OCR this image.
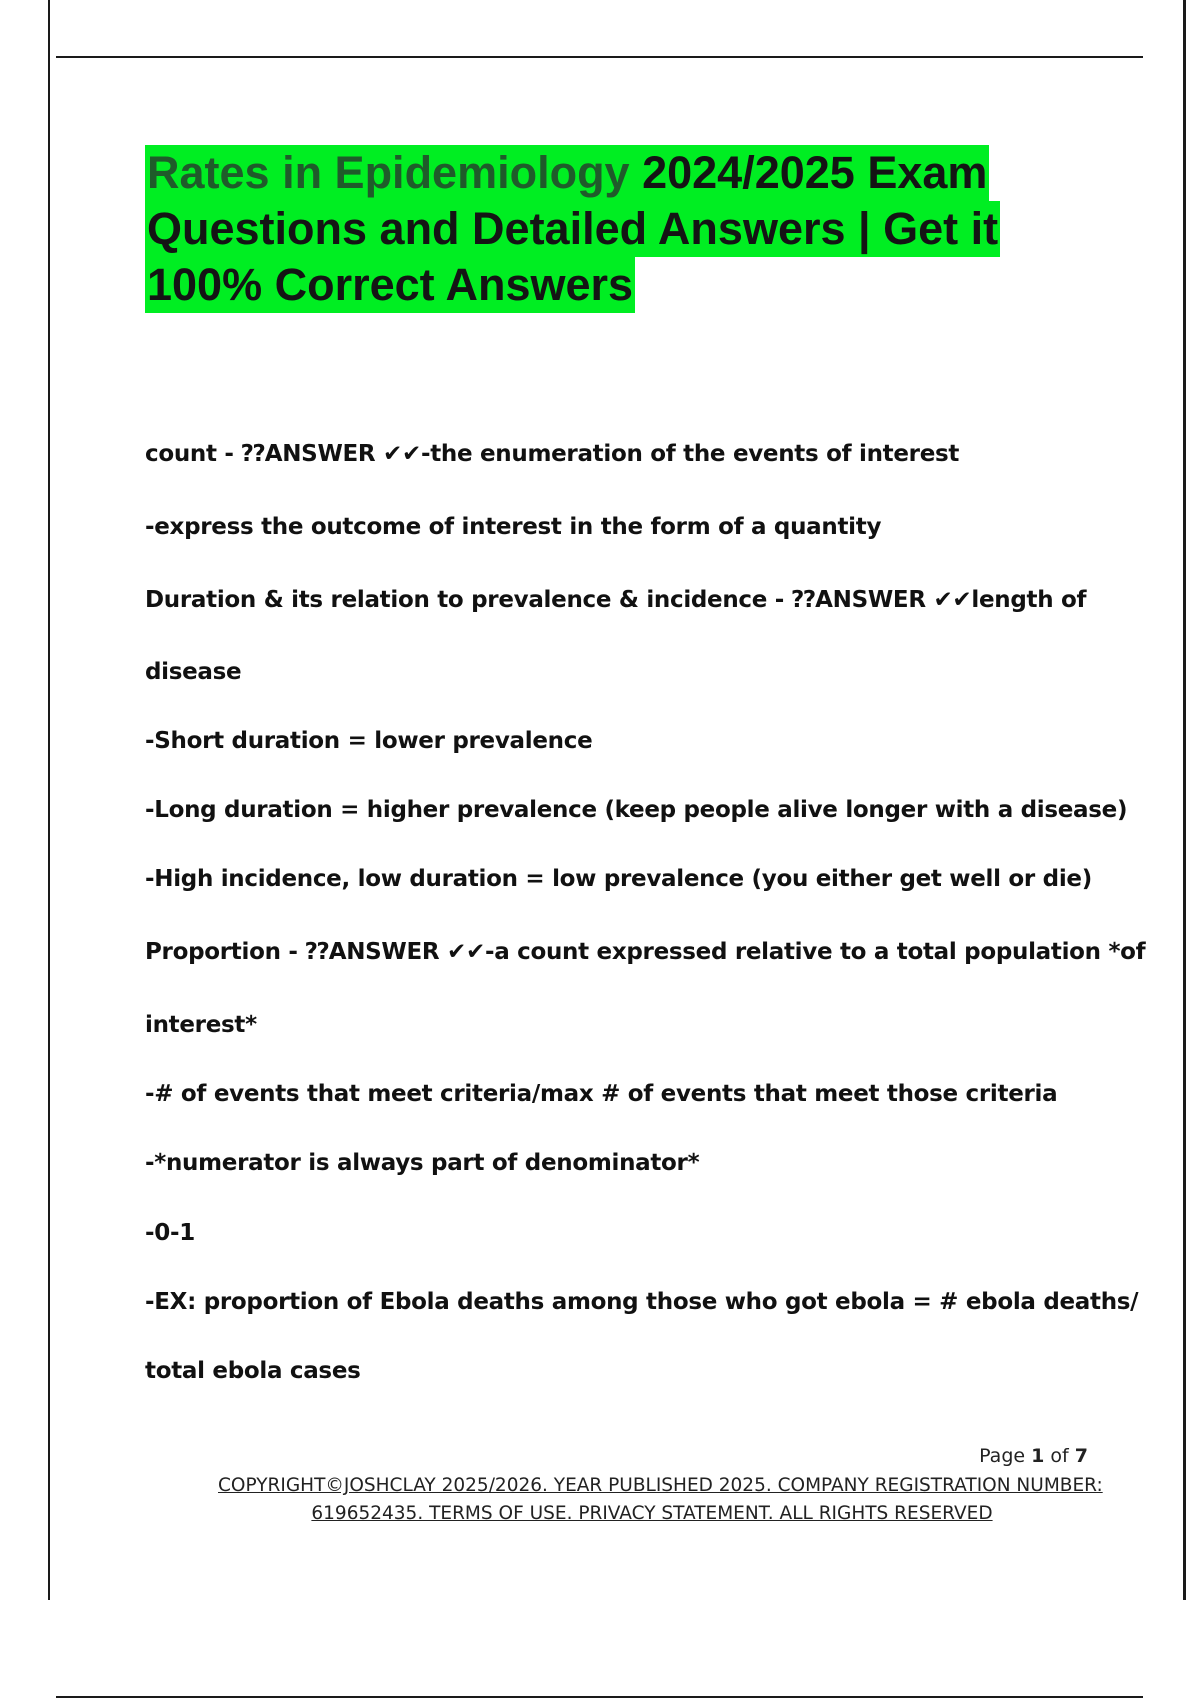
Rates in Epidemiology 2024/2025 Exam
Questions and Detailed Answers | Get it
100% Correct Answers
count - ⁇ANSWER ✔✔-the enumeration of the events of interest
-express the outcome of interest in the form of a quantity
Duration & its relation to prevalence & incidence - ⁇ANSWER ✔✔length of
disease
-Short duration = lower prevalence
-Long duration = higher prevalence (keep people alive longer with a disease)
-High incidence, low duration = low prevalence (you either get well or die)
Proportion - ⁇ANSWER ✔✔-a count expressed relative to a total population *of
interest*
-# of events that meet criteria/max # of events that meet those criteria
-*numerator is always part of denominator*
-0-1
-EX: proportion of Ebola deaths among those who got ebola = # ebola deaths/
total ebola cases
Page 1 of 7
COPYRIGHT©JOSHCLAY 2025/2026. YEAR PUBLISHED 2025. COMPANY REGISTRATION NUMBER:
619652435. TERMS OF USE. PRIVACY STATEMENT. ALL RIGHTS RESERVED
